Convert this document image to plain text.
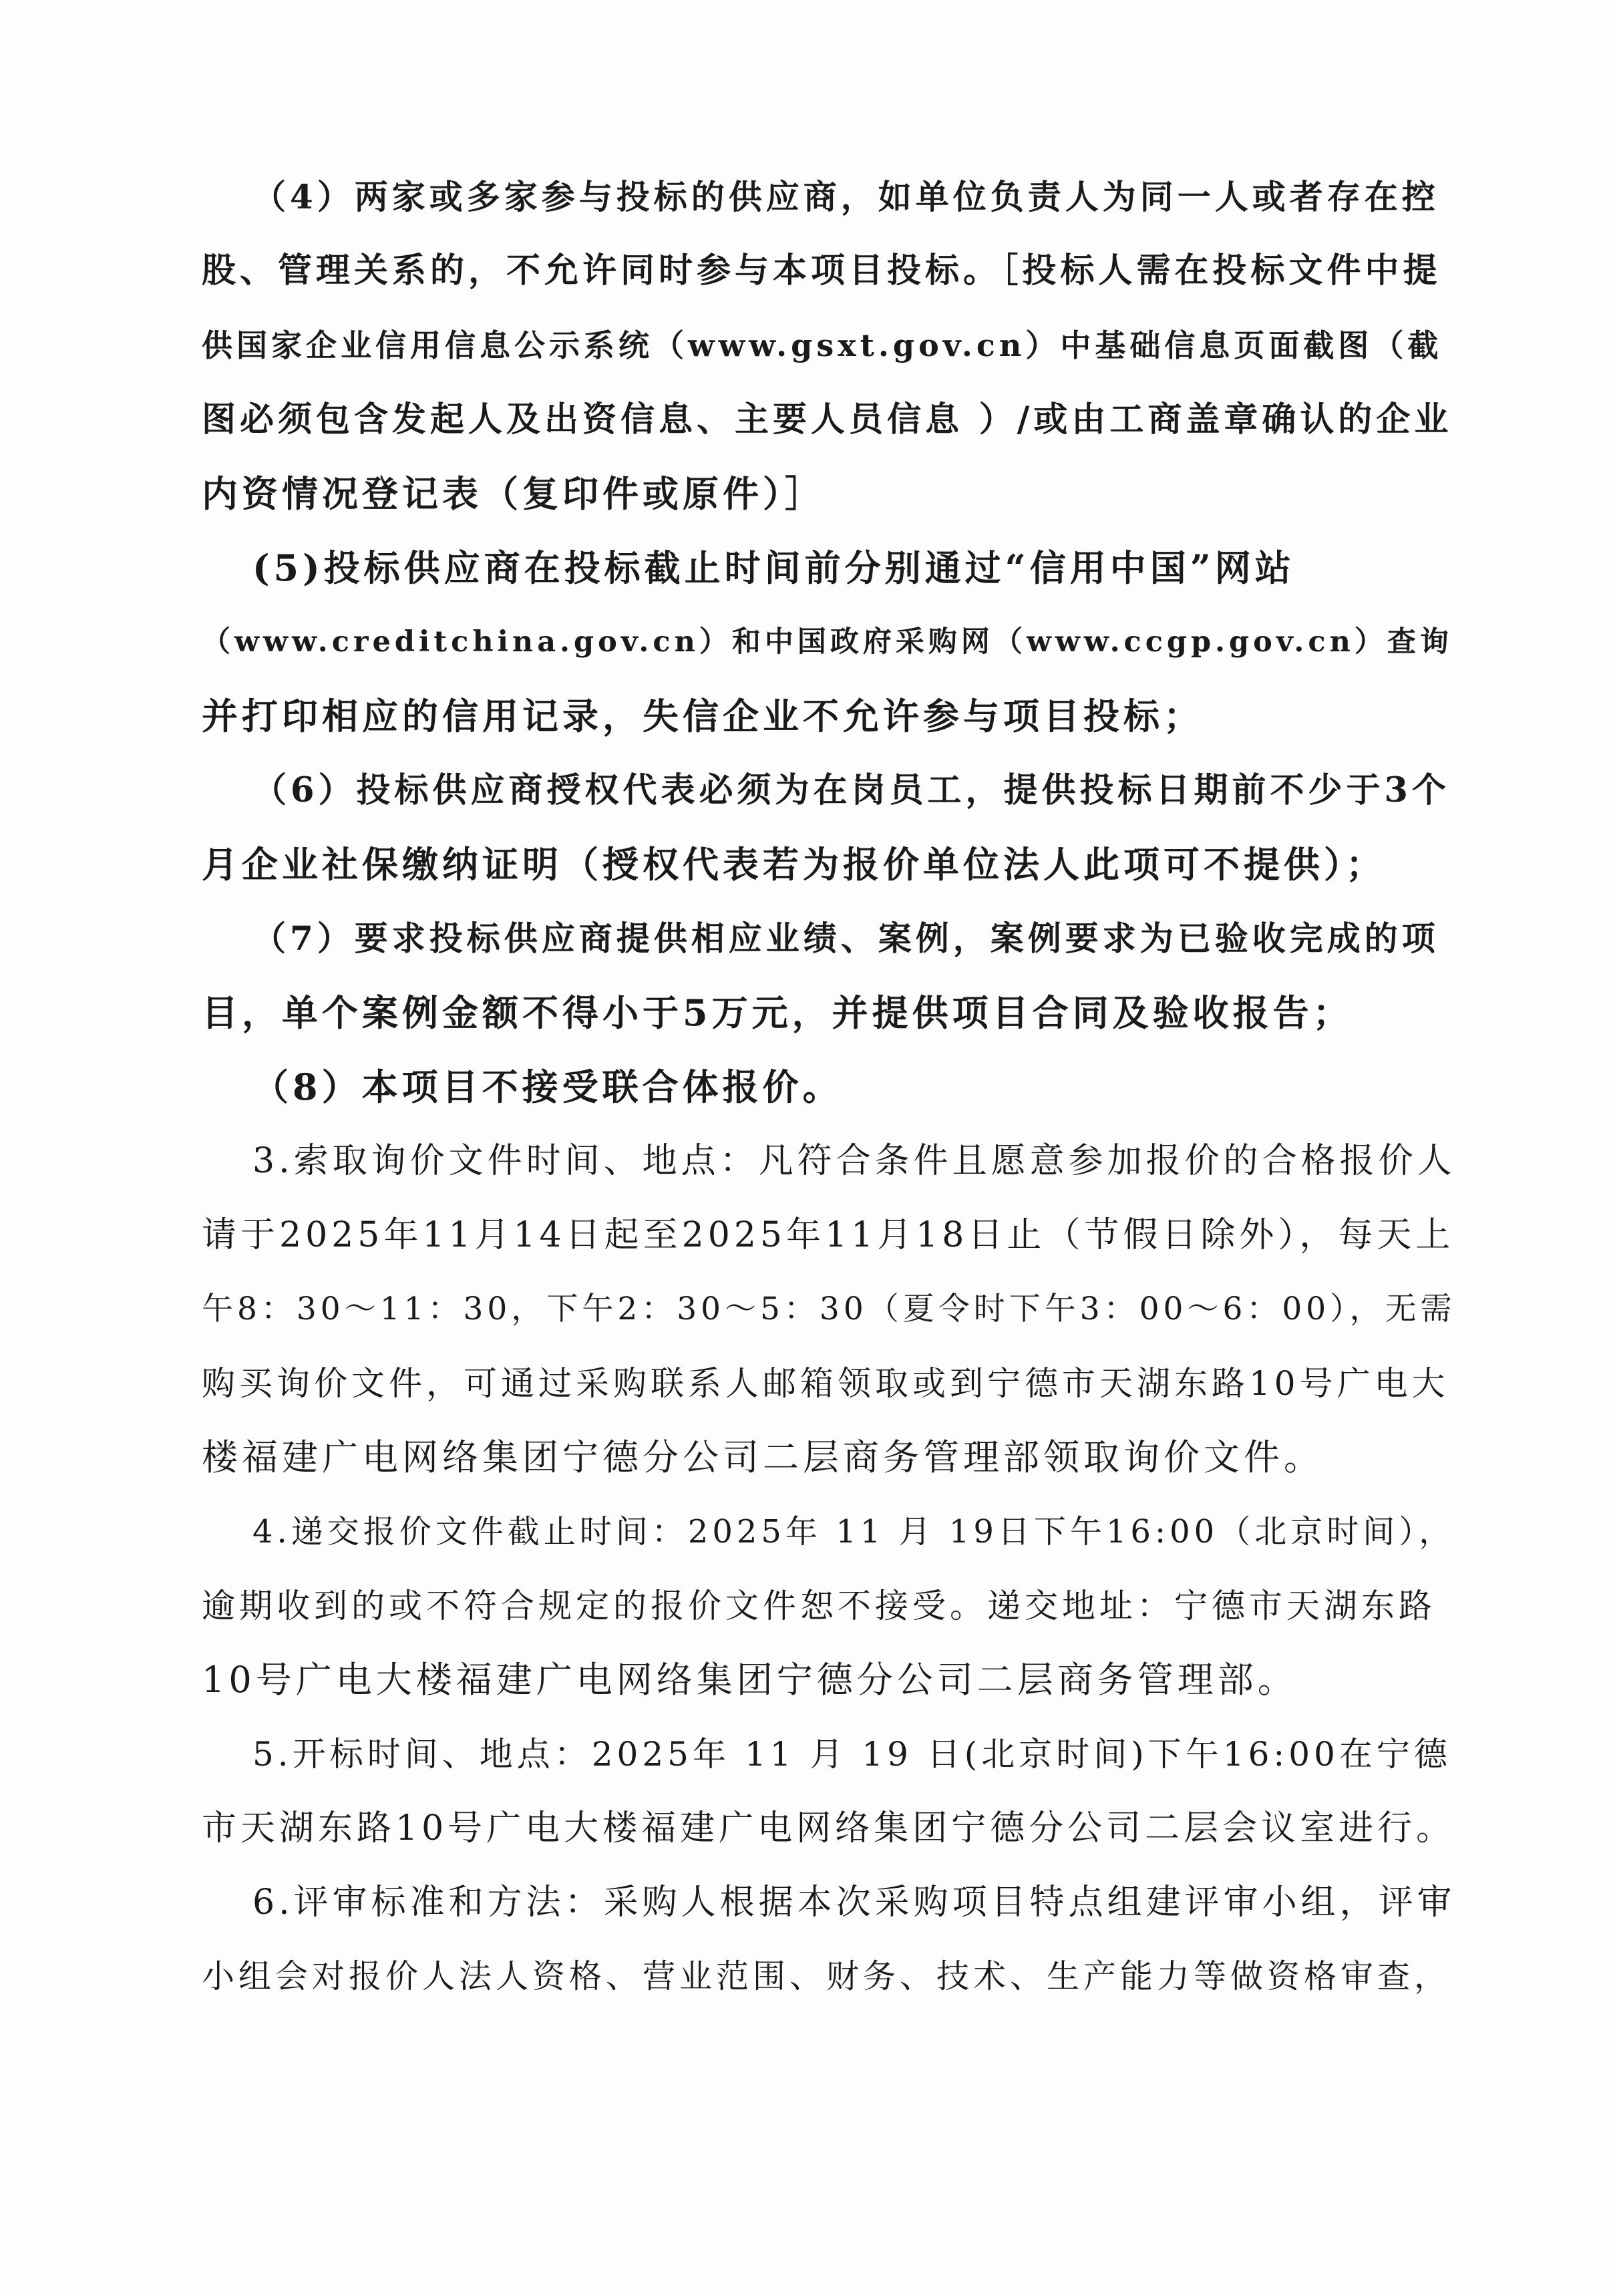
（4）两家或多家参与投标的供应商，如单位负责人为同一人或者存在控
股、管理关系的，不允许同时参与本项目投标。［投标人需在投标文件中提
供国家企业信用信息公示系统（www.gsxt.gov.cn）中基础信息页面截图（截
图必须包含发起人及出资信息、主要人员信息 ）/或由工商盖章确认的企业
内资情况登记表（复印件或原件）］
(5)投标供应商在投标截止时间前分别通过“信用中国”网站
（www.creditchina.gov.cn）和中国政府采购网（www.ccgp.gov.cn）查询
并打印相应的信用记录，失信企业不允许参与项目投标；
（6）投标供应商授权代表必须为在岗员工，提供投标日期前不少于3个
月企业社保缴纳证明（授权代表若为报价单位法人此项可不提供）；
（7）要求投标供应商提供相应业绩、案例，案例要求为已验收完成的项
目，单个案例金额不得小于5万元，并提供项目合同及验收报告；
（8）本项目不接受联合体报价。
3.索取询价文件时间、地点：凡符合条件且愿意参加报价的合格报价人
请于2025年11月14日起至2025年11月18日止（节假日除外），每天上
午8：30～11：30，下午2：30～5：30（夏令时下午3：00～6：00），无需
购买询价文件，可通过采购联系人邮箱领取或到宁德市天湖东路10号广电大
楼福建广电网络集团宁德分公司二层商务管理部领取询价文件。
4.递交报价文件截止时间：2025年 11 月 19日下午16:00（北京时间），
逾期收到的或不符合规定的报价文件恕不接受。递交地址：宁德市天湖东路
10号广电大楼福建广电网络集团宁德分公司二层商务管理部。
5.开标时间、地点：2025年 11 月 19 日(北京时间)下午16:00在宁德
市天湖东路10号广电大楼福建广电网络集团宁德分公司二层会议室进行。
6.评审标准和方法：采购人根据本次采购项目特点组建评审小组，评审
小组会对报价人法人资格、营业范围、财务、技术、生产能力等做资格审查，
